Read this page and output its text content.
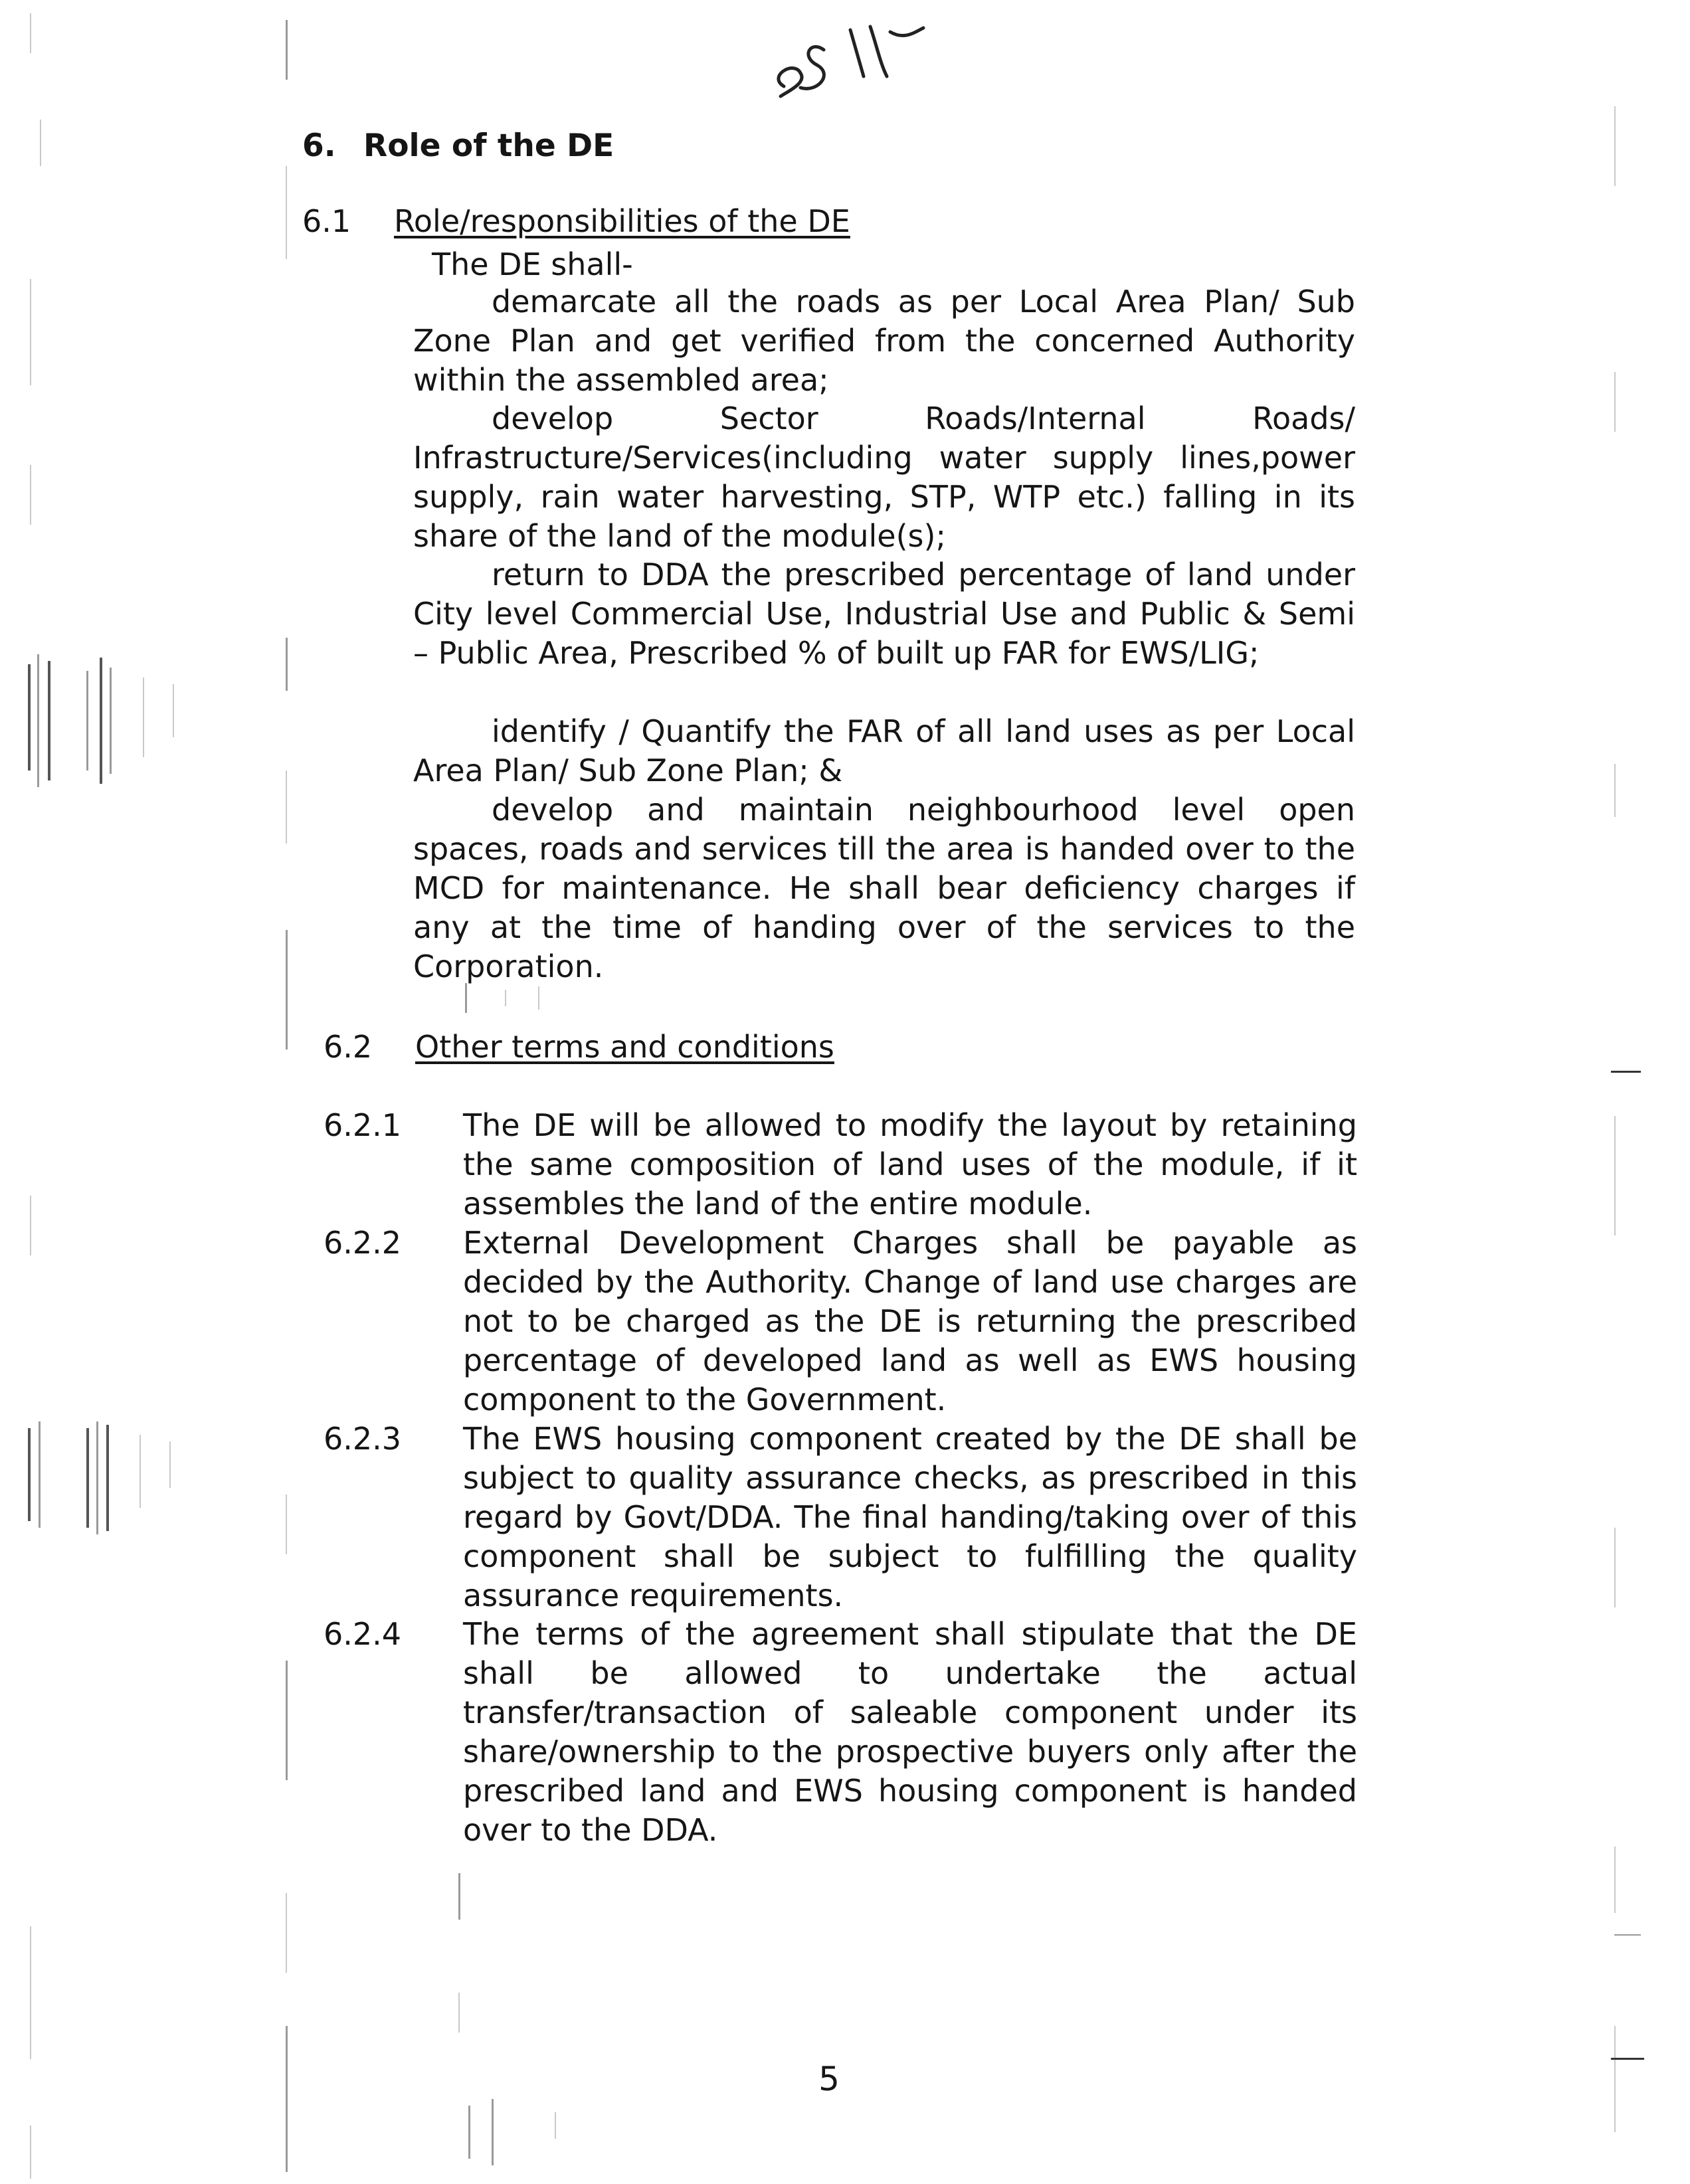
6. Role of the DE
6.1 Role/responsibilities of the DE
The DE shall-

demarcate all the roads as per Local Area Plan/ Sub Zone Plan and get verified from the concerned Authority within the assembled area;

develop Sector Roads/Internal Roads/ Infrastructure/Services(including water supply lines,power supply, rain water harvesting, STP, WTP etc.) falling in its share of the land of the module(s);

return to DDA the prescribed percentage of land under City level Commercial Use, Industrial Use and Public & Semi – Public Area, Prescribed % of built up FAR for EWS/LIG;

identify / Quantify the FAR of all land uses as per Local Area Plan/ Sub Zone Plan; &

develop and maintain neighbourhood level open spaces, roads and services till the area is handed over to the MCD for maintenance. He shall bear deficiency charges if any at the time of handing over of the services to the Corporation.

6.2 Other terms and conditions
6.2.1 The DE will be allowed to modify the layout by retaining the same composition of land uses of the module, if it assembles the land of the entire module.

6.2.2 External Development Charges shall be payable as decided by the Authority. Change of land use charges are not to be charged as the DE is returning the prescribed percentage of developed land as well as EWS housing component to the Government.

6.2.3 The EWS housing component created by the DE shall be subject to quality assurance checks, as prescribed in this regard by Govt/DDA. The final handing/taking over of this component shall be subject to fulfilling the quality assurance requirements.

6.2.4 The terms of the agreement shall stipulate that the DE shall be allowed to undertake the actual transfer/transaction of saleable component under its share/ownership to the prospective buyers only after the prescribed land and EWS housing component is handed over to the DDA.

5
